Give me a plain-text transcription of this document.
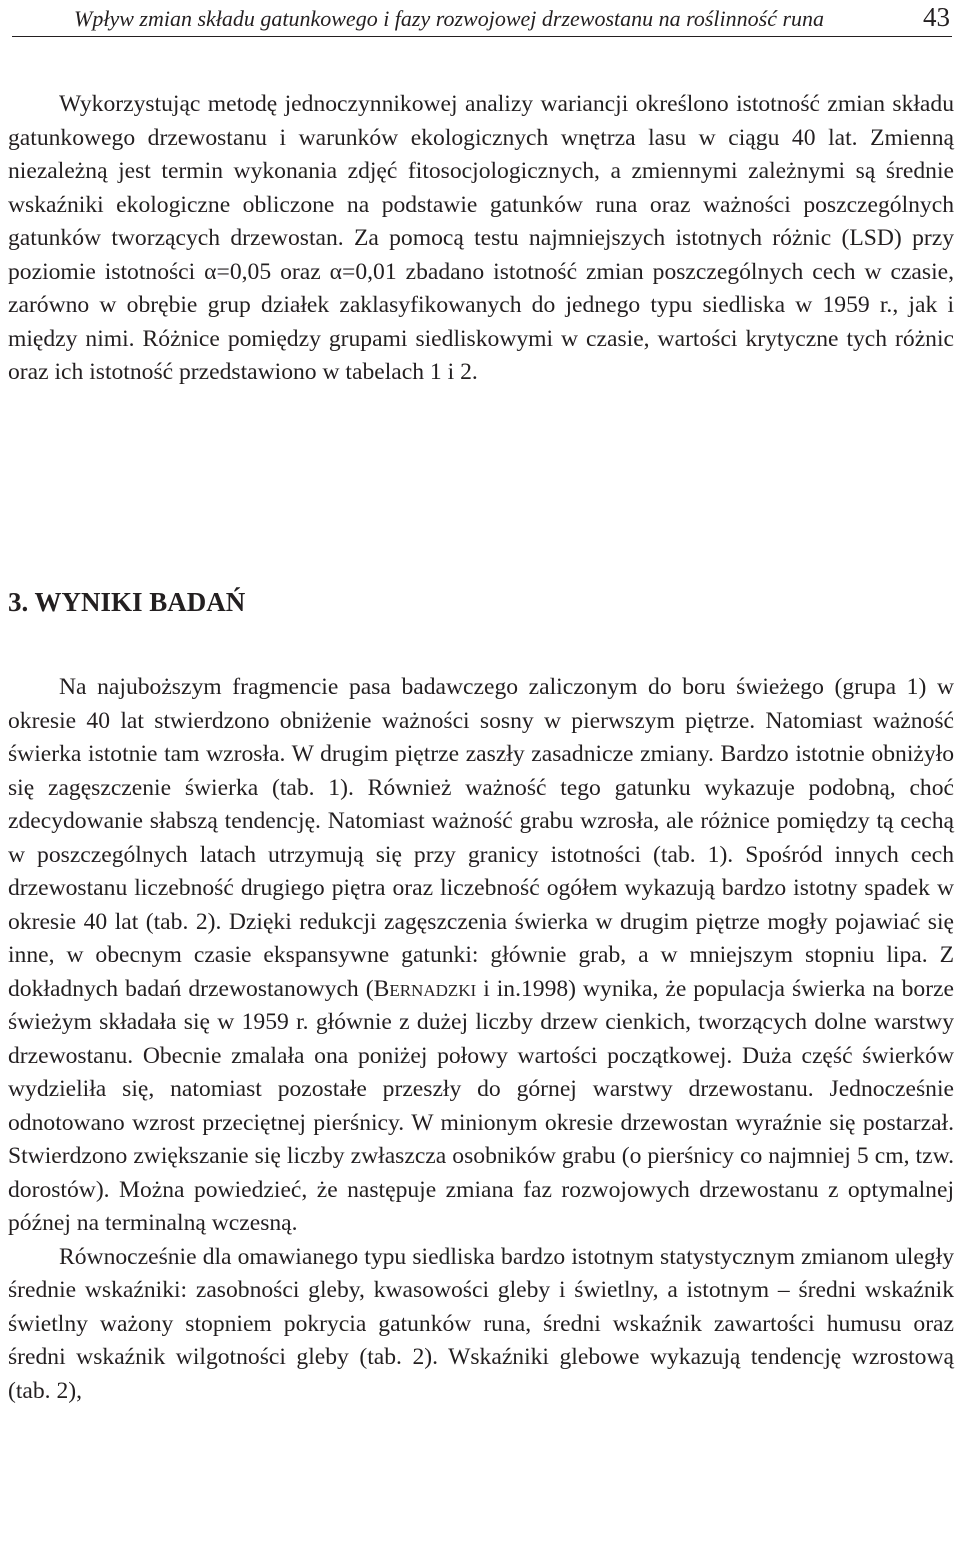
Wpływ zmian składu gatunkowego i fazy rozwojowej drzewostanu na roślinność runa	43

Wykorzystując metodę jednoczynnikowej analizy wariancji określono istotność zmian składu gatunkowego drzewostanu i warunków ekologicznych wnętrza lasu w ciągu 40 lat. Zmienną niezależną jest termin wykonania zdjęć fitosocjologicznych, a zmiennymi zależnymi są średnie wskaźniki ekologiczne obliczone na podstawie gatunków runa oraz ważności poszczególnych gatunków tworzących drzewostan. Za pomocą testu najmniejszych istotnych różnic (LSD) przy poziomie istotności α=0,05 oraz α=0,01 zbadano istotność zmian poszczególnych cech w czasie, zarówno w obrębie grup działek zaklasyfikowanych do jednego typu siedliska w 1959 r., jak i między nimi. Różnice pomiędzy grupami siedliskowymi w czasie, wartości krytyczne tych różnic oraz ich istotność przedstawiono w tabelach 1 i 2.

3. WYNIKI BADAŃ

Na najuboższym fragmencie pasa badawczego zaliczonym do boru świeżego (grupa 1) w okresie 40 lat stwierdzono obniżenie ważności sosny w pierwszym piętrze. Natomiast ważność świerka istotnie tam wzrosła. W drugim piętrze zaszły zasadnicze zmiany. Bardzo istotnie obniżyło się zagęszczenie świerka (tab. 1). Również ważność tego gatunku wykazuje podobną, choć zdecydowanie słabszą tendencję. Natomiast ważność grabu wzrosła, ale różnice pomiędzy tą cechą w poszczególnych latach utrzymują się przy granicy istotności (tab. 1). Spośród innych cech drzewostanu liczebność drugiego piętra oraz liczebność ogółem wykazują bardzo istotny spadek w okresie 40 lat (tab. 2). Dzięki redukcji zagęszczenia świerka w drugim piętrze mogły pojawiać się inne, w obecnym czasie ekspansywne gatunki: głównie grab, a w mniejszym stopniu lipa. Z dokładnych badań drzewostanowych (Bernadzki i in.1998) wynika, że populacja świerka na borze świeżym składała się w 1959 r. głównie z dużej liczby drzew cienkich, tworzących dolne warstwy drzewostanu. Obecnie zmalała ona poniżej połowy wartości początkowej. Duża część świerków wydzieliła się, natomiast pozostałe przeszły do górnej warstwy drzewostanu. Jednocześnie odnotowano wzrost przeciętnej pierśnicy. W minionym okresie drzewostan wyraźnie się postarzał. Stwierdzono zwiększanie się liczby zwłaszcza osobników grabu (o pierśnicy co najmniej 5 cm, tzw. dorostów). Można powiedzieć, że następuje zmiana faz rozwojowych drzewostanu z optymalnej późnej na terminalną wczesną.

Równocześnie dla omawianego typu siedliska bardzo istotnym statystycznym zmianom uległy średnie wskaźniki: zasobności gleby, kwasowości gleby i świetlny, a istotnym – średni wskaźnik świetlny ważony stopniem pokrycia gatunków runa, średni wskaźnik zawartości humusu oraz średni wskaźnik wilgotności gleby (tab. 2). Wskaźniki glebowe wykazują tendencję wzrostową (tab. 2),
